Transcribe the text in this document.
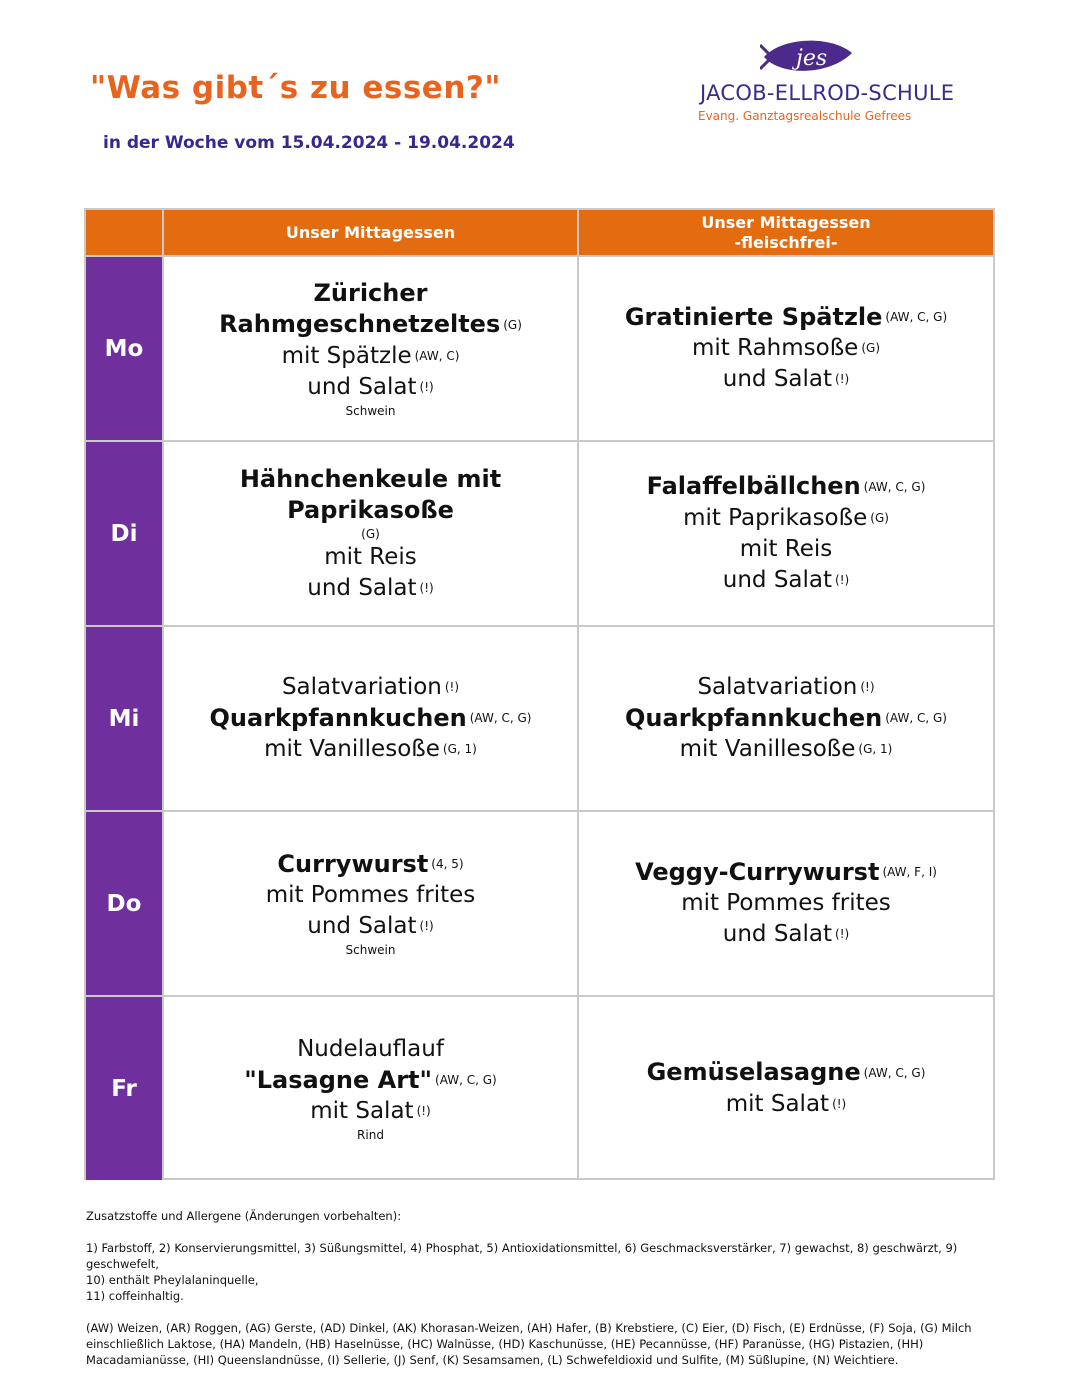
"Was gibt´s zu essen?"
in der Woche vom 15.04.2024 - 19.04.2024
jes
JACOB-ELLROD-SCHULE
Evang. Ganztagsrealschule Gefrees
Unser Mittagessen
Unser Mittagessen
-fleischfrei-
Mo
Züricher Rahmgeschnetzeltes (G)
mit Spätzle (AW, C)
und Salat (!)
Schwein
Gratinierte Spätzle (AW, C, G)
mit Rahmsoße (G)
und Salat (!)
Di
Hähnchenkeule mit Paprikasoße
(G)
mit Reis
und Salat (!)
Falaffelbällchen (AW, C, G)
mit Paprikasoße (G)
mit Reis
und Salat (!)
Mi
Salatvariation (!)
Quarkpfannkuchen (AW, C, G)
mit Vanillesoße (G, 1)
Salatvariation (!)
Quarkpfannkuchen (AW, C, G)
mit Vanillesoße (G, 1)
Do
Currywurst (4, 5)
mit Pommes frites
und Salat (!)
Schwein
Veggy-Currywurst (AW, F, I)
mit Pommes frites
und Salat (!)
Fr
Nudelauflauf
"Lasagne Art" (AW, C, G)
mit Salat (!)
Rind
Gemüselasagne (AW, C, G)
mit Salat (!)

Zusatzstoffe und Allergene (Änderungen vorbehalten):

1) Farbstoff, 2) Konservierungsmittel, 3) Süßungsmittel, 4) Phosphat, 5) Antioxidationsmittel, 6) Geschmacksverstärker, 7) gewachst, 8) geschwärzt, 9) geschwefelt,
10) enthält Pheylalaninquelle,
11) coffeinhaltig.

(AW) Weizen, (AR) Roggen, (AG) Gerste, (AD) Dinkel, (AK) Khorasan-Weizen, (AH) Hafer, (B) Krebstiere, (C) Eier, (D) Fisch, (E) Erdnüsse, (F) Soja, (G) Milch einschließlich Laktose, (HA) Mandeln, (HB) Haselnüsse, (HC) Walnüsse, (HD) Kaschunüsse, (HE) Pecannüsse, (HF) Paranüsse, (HG) Pistazien, (HH) Macadamianüsse, (HI) Queenslandnüsse, (I) Sellerie, (J) Senf, (K) Sesamsamen, (L) Schwefeldioxid und Sulfite, (M) Süßlupine, (N) Weichtiere.
